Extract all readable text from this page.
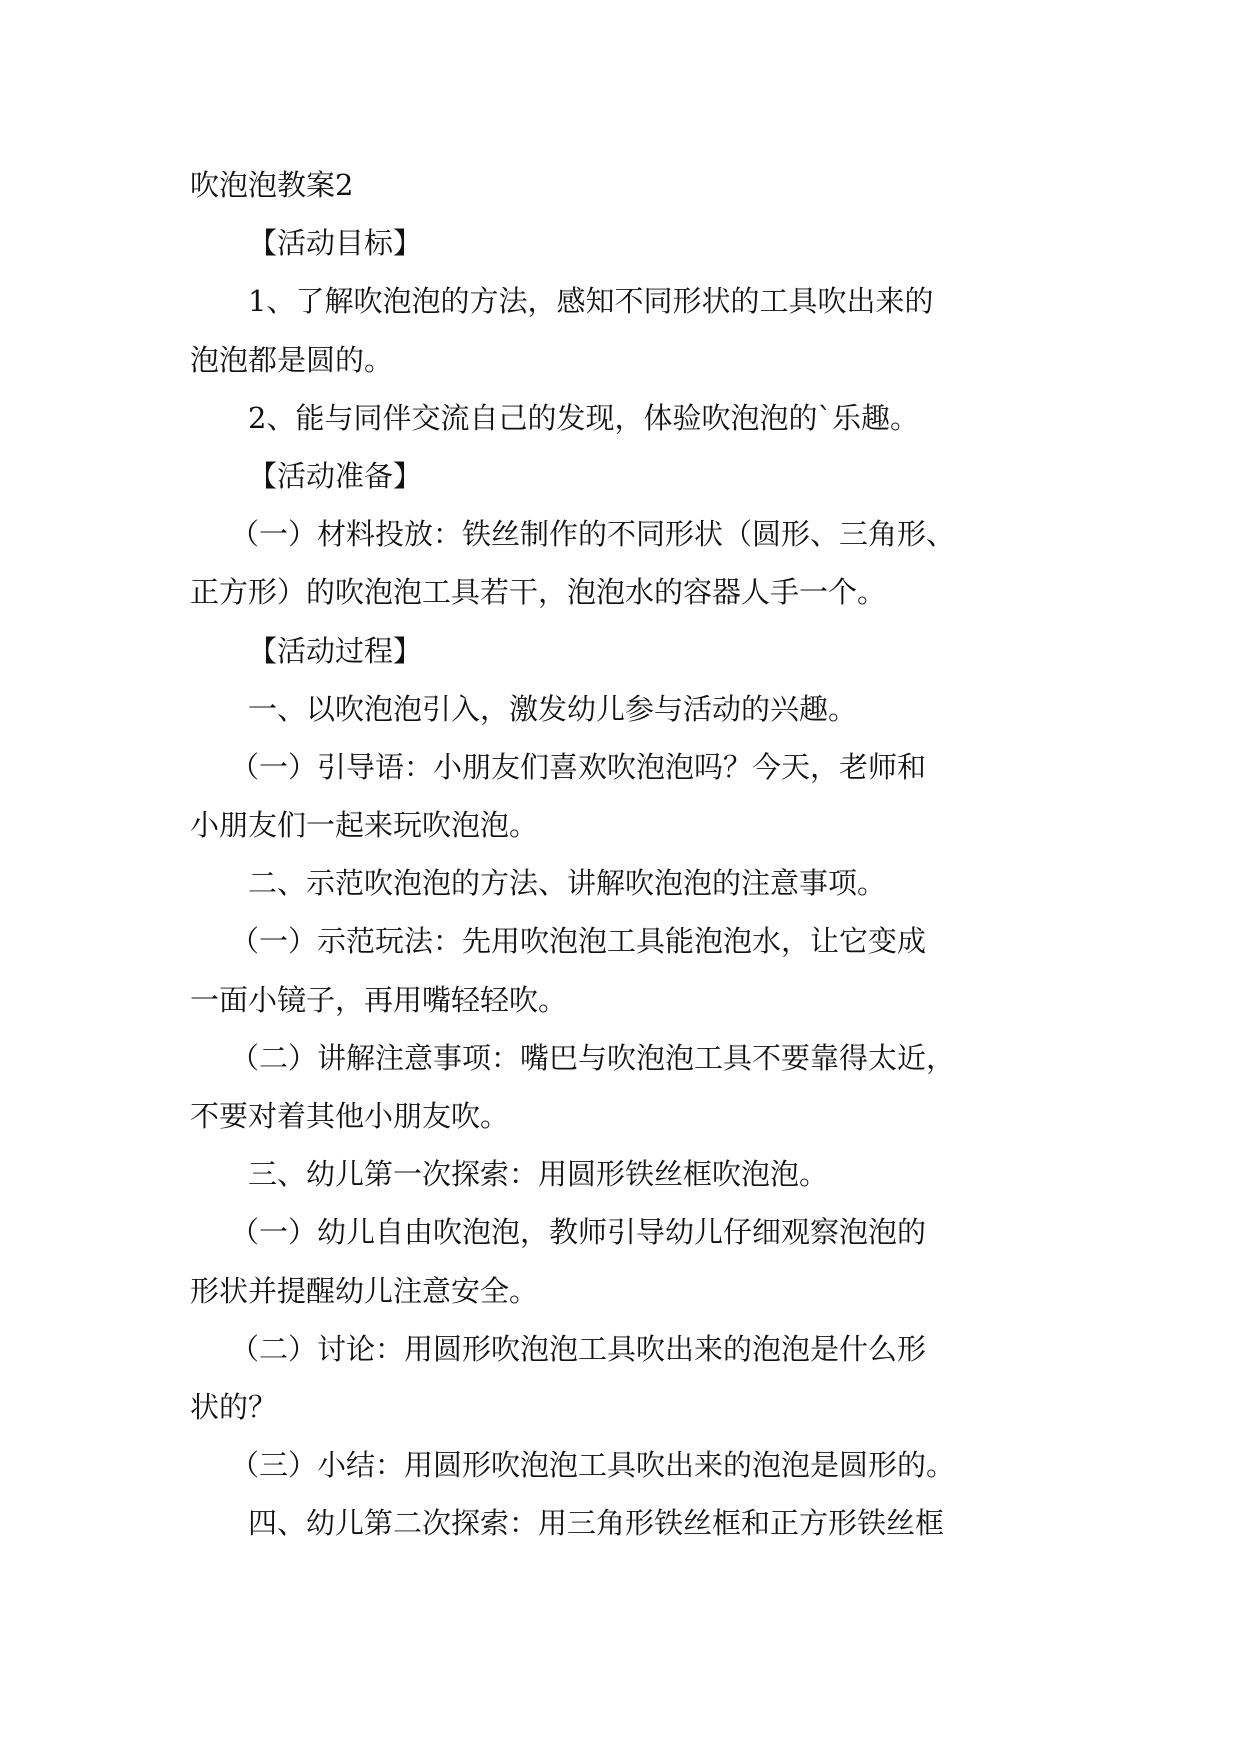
吹泡泡教案2
【活动目标】
1、了解吹泡泡的方法，感知不同形状的工具吹出来的
泡泡都是圆的。
2、能与同伴交流自己的发现，体验吹泡泡的`乐趣。
【活动准备】
（一）材料投放：铁丝制作的不同形状（圆形、三角形、
正方形）的吹泡泡工具若干，泡泡水的容器人手一个。
【活动过程】
一、以吹泡泡引入，激发幼儿参与活动的兴趣。
（一）引导语：小朋友们喜欢吹泡泡吗？今天，老师和
小朋友们一起来玩吹泡泡。
二、示范吹泡泡的方法、讲解吹泡泡的注意事项。
（一）示范玩法：先用吹泡泡工具能泡泡水，让它变成
一面小镜子，再用嘴轻轻吹。
（二）讲解注意事项：嘴巴与吹泡泡工具不要靠得太近，
不要对着其他小朋友吹。
三、幼儿第一次探索：用圆形铁丝框吹泡泡。
（一）幼儿自由吹泡泡，教师引导幼儿仔细观察泡泡的
形状并提醒幼儿注意安全。
（二）讨论：用圆形吹泡泡工具吹出来的泡泡是什么形
状的？
（三）小结：用圆形吹泡泡工具吹出来的泡泡是圆形的。
四、幼儿第二次探索：用三角形铁丝框和正方形铁丝框
